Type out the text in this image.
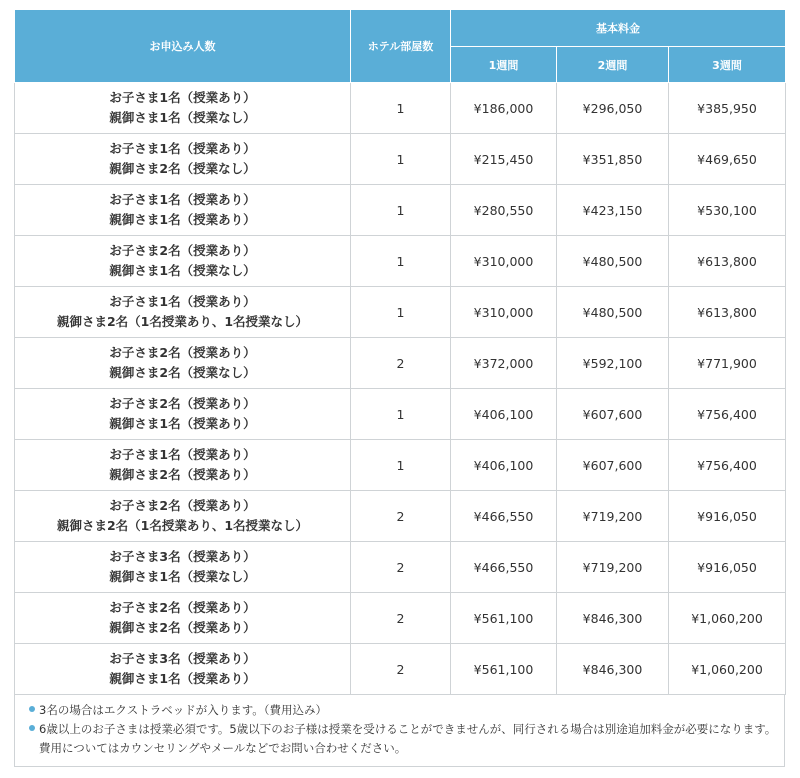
お申込み人数	ホテル部屋数	基本料金		
		1週間	2週間	3週間

お子さま1名（授業あり）
親御さま1名（授業なし）	1	¥186,000	¥296,050	¥385,950

お子さま1名（授業あり）
親御さま2名（授業なし）	1	¥215,450	¥351,850	¥469,650

お子さま1名（授業あり）
親御さま1名（授業あり）	1	¥280,550	¥423,150	¥530,100

お子さま2名（授業あり）
親御さま1名（授業なし）	1	¥310,000	¥480,500	¥613,800

お子さま1名（授業あり）
親御さま2名（1名授業あり、1名授業なし）	1	¥310,000	¥480,500	¥613,800

お子さま2名（授業あり）
親御さま2名（授業なし）	2	¥372,000	¥592,100	¥771,900

お子さま2名（授業あり）
親御さま1名（授業あり）	1	¥406,100	¥607,600	¥756,400

お子さま1名（授業あり）
親御さま2名（授業あり）	1	¥406,100	¥607,600	¥756,400

お子さま2名（授業あり）
親御さま2名（1名授業あり、1名授業なし）	2	¥466,550	¥719,200	¥916,050

お子さま3名（授業あり）
親御さま1名（授業なし）	2	¥466,550	¥719,200	¥916,050

お子さま2名（授業あり）
親御さま2名（授業あり）	2	¥561,100	¥846,300	¥1,060,200

お子さま3名（授業あり）
親御さま1名（授業あり）	2	¥561,100	¥846,300	¥1,060,200
3名の場合はエクストラベッドが入ります。（費用込み）
6歳以上のお子さまは授業必須です。5歳以下のお子様は授業を受けることができませんが、同行される場合は別途追加料金が必要になります。費用についてはカウンセリングやメールなどでお問い合わせください。
